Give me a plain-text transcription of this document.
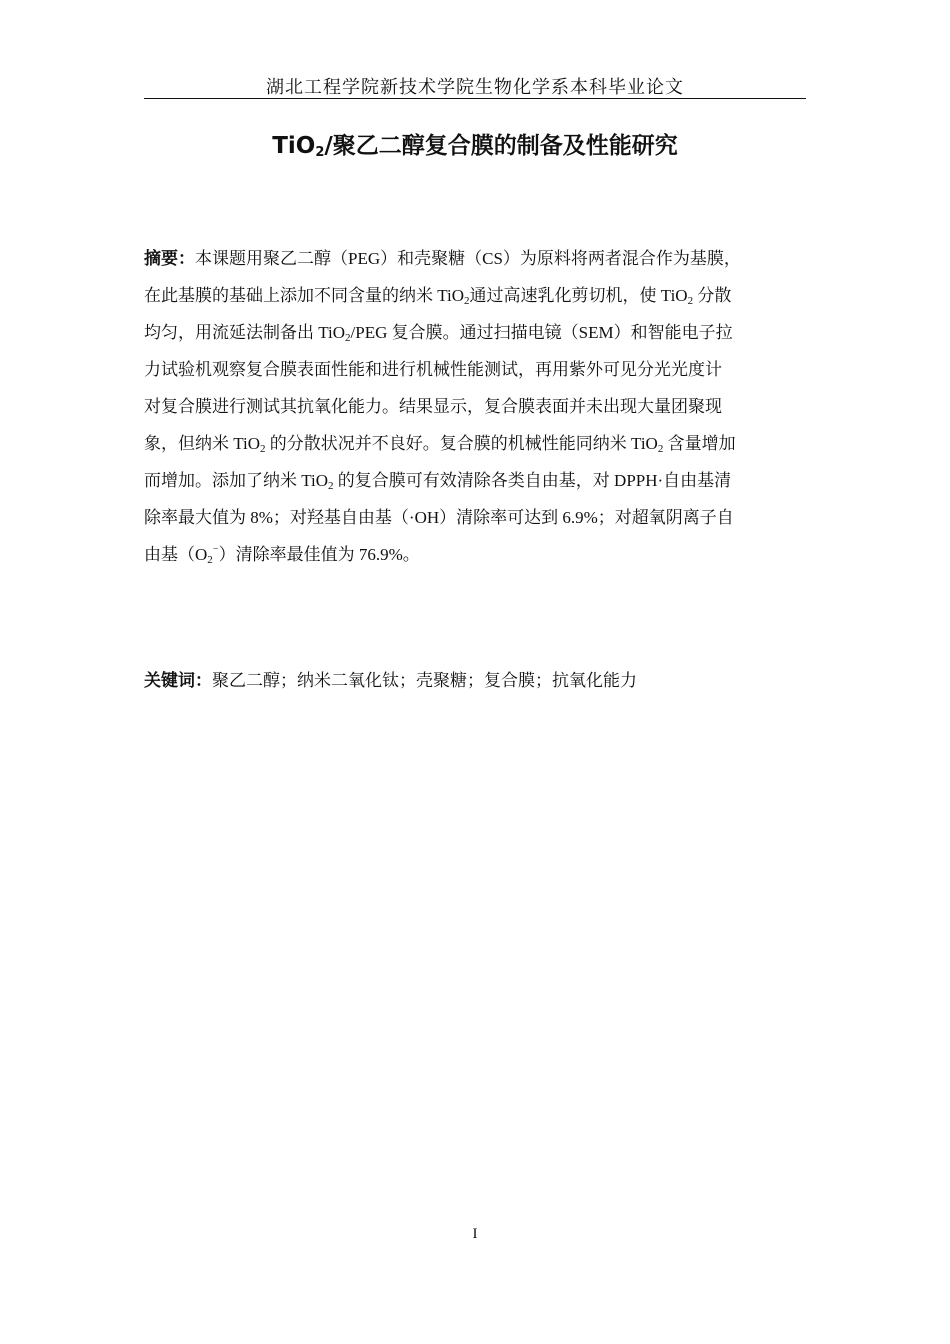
湖北工程学院新技术学院生物化学系本科毕业论文
TiO$_2$/聚乙二醇复合膜的制备及性能研究
摘要：本课题用聚乙二醇（PEG）和壳聚糖（CS）为原料将两者混合作为基膜，
在此基膜的基础上添加不同含量的纳米 TiO$_2$通过高速乳化剪切机，使 TiO$_2$ 分散
均匀，用流延法制备出 TiO$_2$/PEG 复合膜。通过扫描电镜（SEM）和智能电子拉
力试验机观察复合膜表面性能和进行机械性能测试，再用紫外可见分光光度计
对复合膜进行测试其抗氧化能力。结果显示，复合膜表面并未出现大量团聚现
象，但纳米 TiO$_2$ 的分散状况并不良好。复合膜的机械性能同纳米 TiO$_2$ 含量增加
而增加。添加了纳米 TiO$_2$ 的复合膜可有效清除各类自由基，对 DPPH·自由基清
除率最大值为 8%；对羟基自由基（·OH）清除率可达到 6.9%；对超氧阴离子自
由基$(O_2^{^-})$清除率最佳值为 76.9%。
关键词：聚乙二醇；纳米二氧化钛；壳聚糖；复合膜；抗氧化能力
I
